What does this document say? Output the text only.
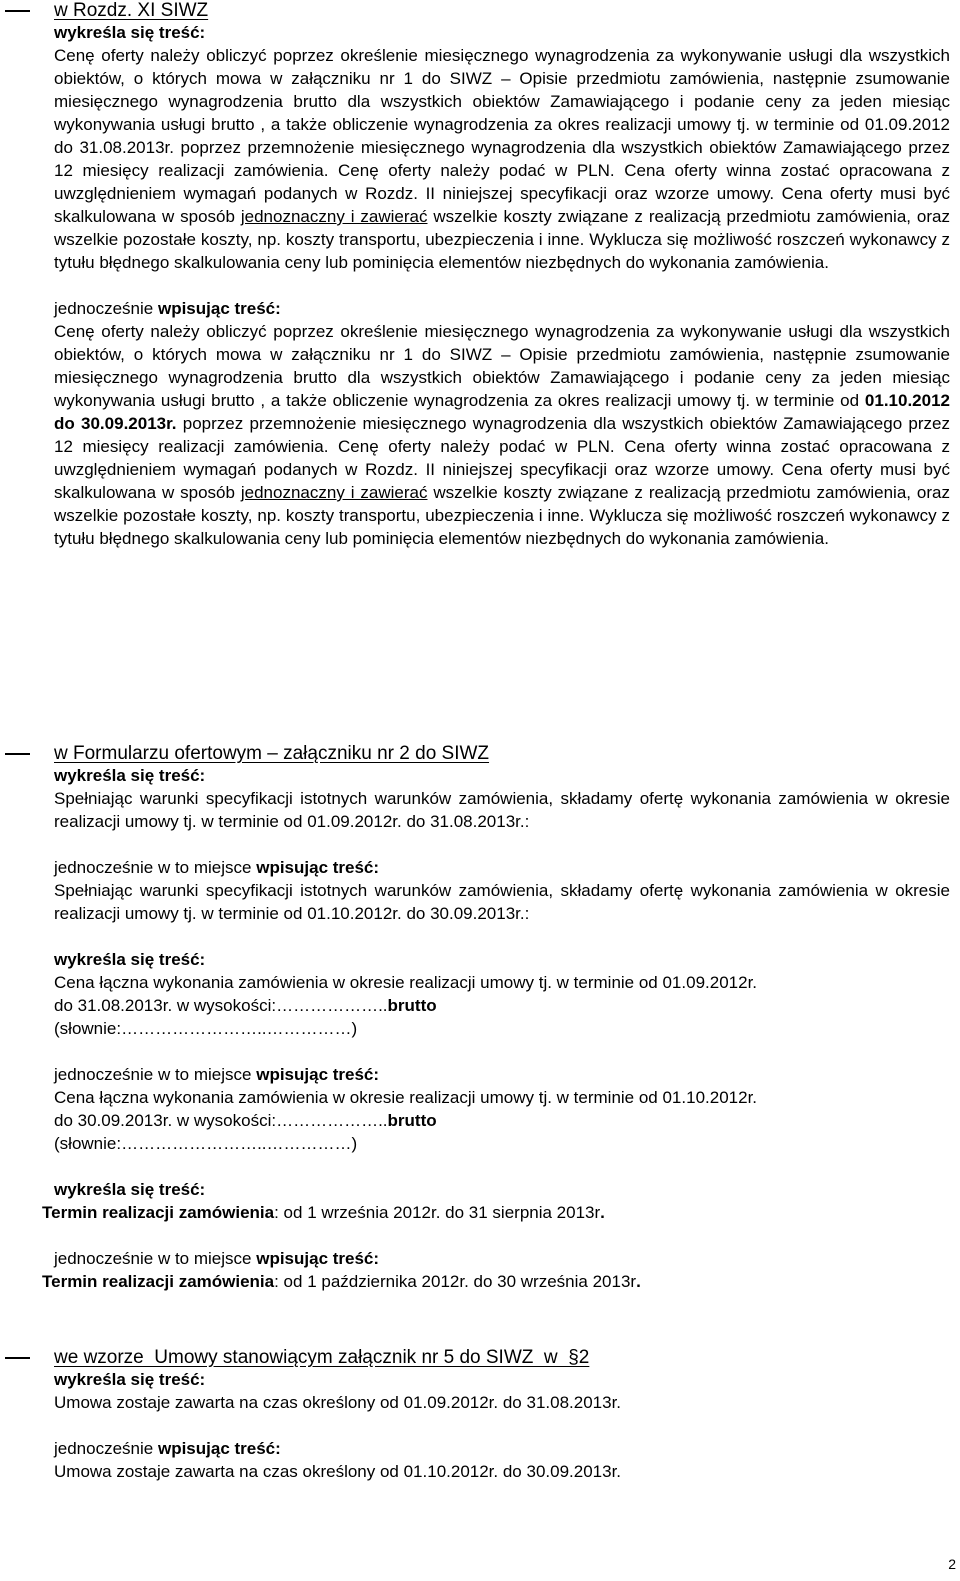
w Rozdz. XI SIWZ
wykreśla się treść:

Cenę oferty należy obliczyć poprzez określenie miesięcznego wynagrodzenia za wykonywanie usługi dla wszystkich obiektów, o których mowa w załączniku nr 1 do SIWZ – Opisie przedmiotu zamówienia, następnie zsumowanie miesięcznego wynagrodzenia brutto dla wszystkich obiektów Zamawiającego i podanie ceny za jeden miesiąc wykonywania usługi brutto , a także obliczenie wynagrodzenia za okres realizacji umowy tj. w terminie od 01.09.2012 do 31.08.2013r. poprzez przemnożenie miesięcznego wynagrodzenia dla wszystkich obiektów Zamawiającego przez 12 miesięcy realizacji zamówienia. Cenę oferty należy podać w PLN. Cena oferty winna zostać opracowana z uwzględnieniem wymagań podanych w Rozdz. II niniejszej specyfikacji oraz wzorze umowy. Cena oferty musi być skalkulowana w sposób jednoznaczny i zawierać wszelkie koszty związane z realizacją przedmiotu zamówienia, oraz wszelkie pozostałe koszty, np. koszty transportu, ubezpieczenia i inne. Wyklucza się możliwość roszczeń wykonawcy z tytułu błędnego skalkulowania ceny lub pominięcia elementów niezbędnych do wykonania zamówienia.

jednocześnie wpisując treść:

Cenę oferty należy obliczyć poprzez określenie miesięcznego wynagrodzenia za wykonywanie usługi dla wszystkich obiektów, o których mowa w załączniku nr 1 do SIWZ – Opisie przedmiotu zamówienia, następnie zsumowanie miesięcznego wynagrodzenia brutto dla wszystkich obiektów Zamawiającego i podanie ceny za jeden miesiąc wykonywania usługi brutto , a także obliczenie wynagrodzenia za okres realizacji umowy tj. w terminie od 01.10.2012 do 30.09.2013r. poprzez przemnożenie miesięcznego wynagrodzenia dla wszystkich obiektów Zamawiającego przez 12 miesięcy realizacji zamówienia. Cenę oferty należy podać w PLN. Cena oferty winna zostać opracowana z uwzględnieniem wymagań podanych w Rozdz. II niniejszej specyfikacji oraz wzorze umowy. Cena oferty musi być skalkulowana w sposób jednoznaczny i zawierać wszelkie koszty związane z realizacją przedmiotu zamówienia, oraz wszelkie pozostałe koszty, np. koszty transportu, ubezpieczenia i inne. Wyklucza się możliwość roszczeń wykonawcy z tytułu błędnego skalkulowania ceny lub pominięcia elementów niezbędnych do wykonania zamówienia.

w Formularzu ofertowym – załączniku nr 2 do SIWZ
wykreśla się treść:

Spełniając warunki specyfikacji istotnych warunków zamówienia, składamy ofertę wykonania zamówienia w okresie realizacji umowy tj. w terminie od 01.09.2012r. do 31.08.2013r.:

jednocześnie w to miejsce wpisując treść:

Spełniając warunki specyfikacji istotnych warunków zamówienia, składamy ofertę wykonania zamówienia w okresie realizacji umowy tj. w terminie od 01.10.2012r. do 30.09.2013r.:

wykreśla się treść:
Cena łączna wykonania zamówienia w okresie realizacji umowy tj. w terminie od 01.09.2012r.
do 31.08.2013r. w wysokości:………………..brutto
(słownie:……………………..……………)
jednocześnie w to miejsce wpisując treść:
Cena łączna wykonania zamówienia w okresie realizacji umowy tj. w terminie od 01.10.2012r.
do 30.09.2013r. w wysokości:………………..brutto
(słownie:……………………..……………)
wykreśla się treść:
Termin realizacji zamówienia: od 1 września 2012r. do 31 sierpnia 2013r.
jednocześnie w to miejsce wpisując treść:
Termin realizacji zamówienia: od 1 października 2012r. do 30 września 2013r.
we wzorze  Umowy stanowiącym załącznik nr 5 do SIWZ  w  §2
wykreśla się treść:
Umowa zostaje zawarta na czas określony od 01.09.2012r. do 31.08.2013r.
jednocześnie wpisując treść:
Umowa zostaje zawarta na czas określony od 01.10.2012r. do 30.09.2013r.
2
